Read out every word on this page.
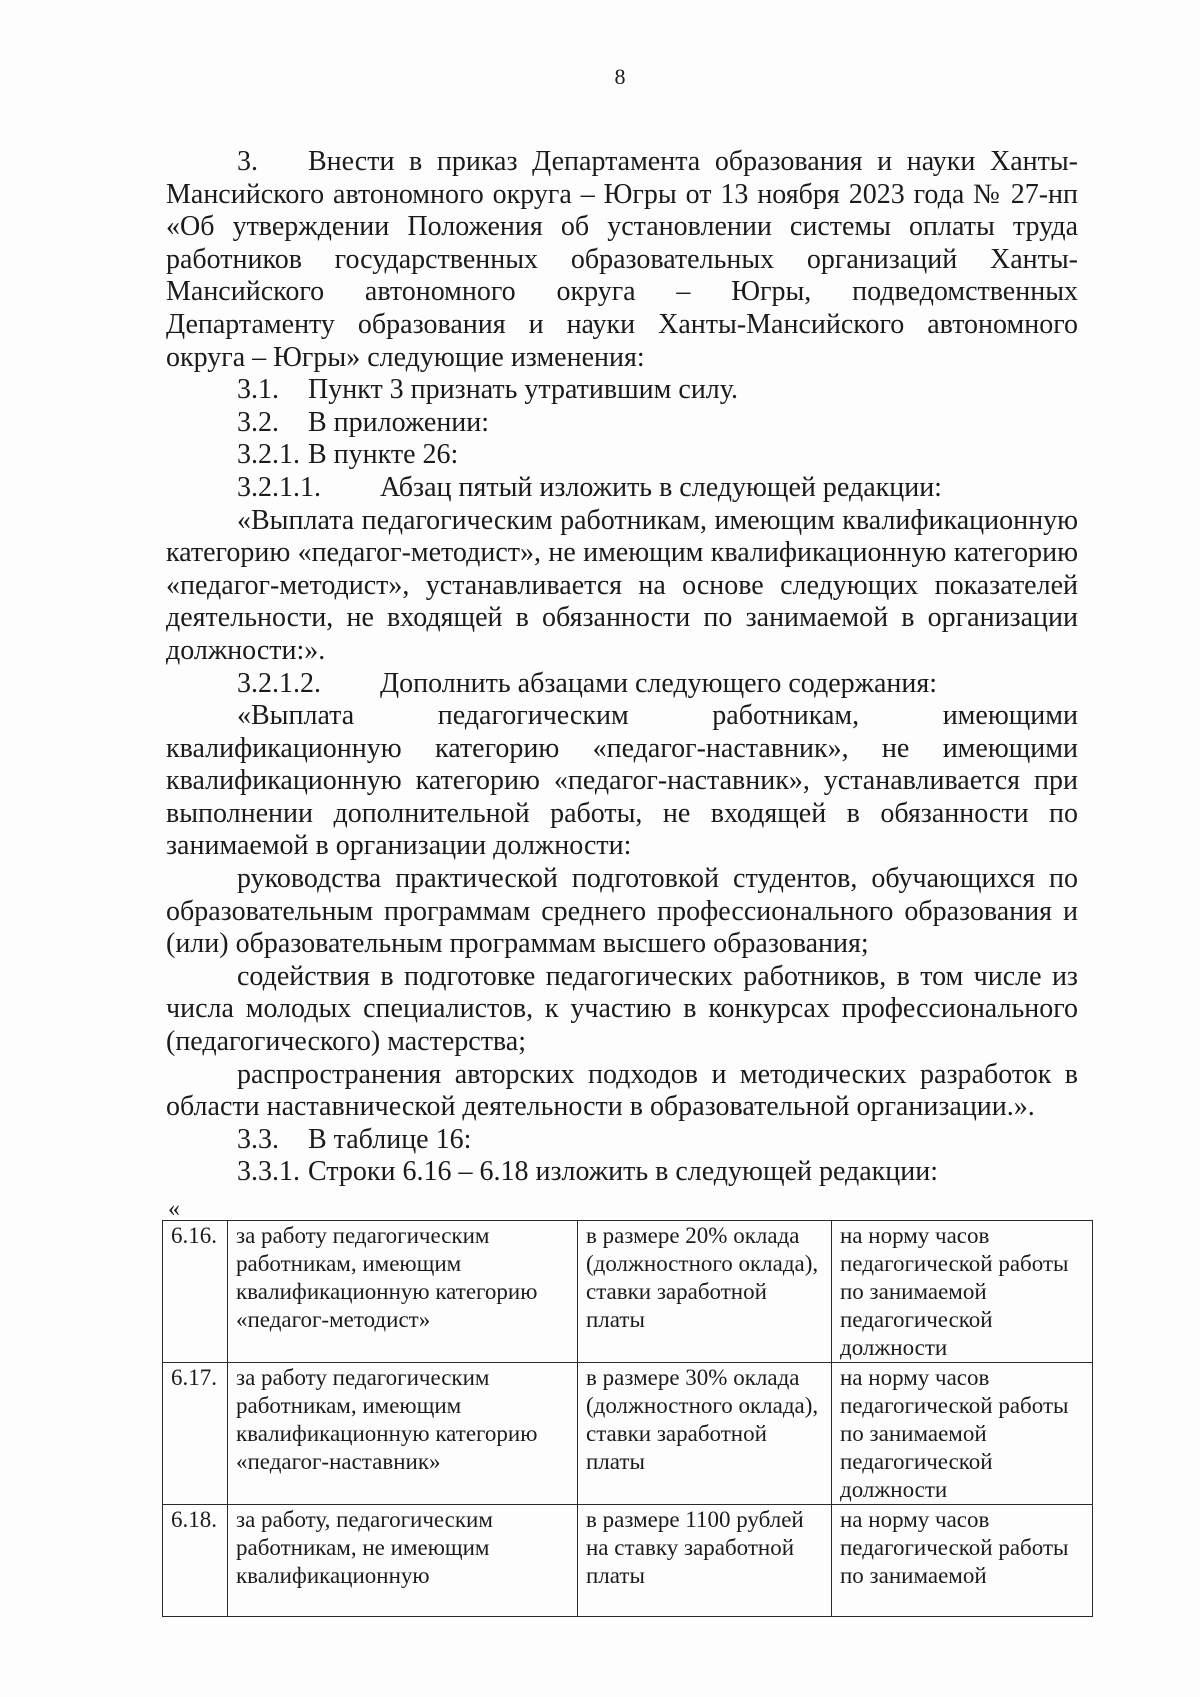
8

3. Внести в приказ Департамента образования и науки Ханты-Мансийского автономного округа – Югры от 13 ноября 2023 года № 27-нп «Об утверждении Положения об установлении системы оплаты труда работников государственных образовательных организаций Ханты-Мансийского автономного округа – Югры, подведомственных Департаменту образования и науки Ханты-Мансийского автономного округа – Югры» следующие изменения:

3.1. Пункт 3 признать утратившим силу.

3.2. В приложении:

3.2.1. В пункте 26:

3.2.1.1. Абзац пятый изложить в следующей редакции:

«Выплата педагогическим работникам, имеющим квалификационную категорию «педагог-методист», не имеющим квалификационную категорию «педагог-методист», устанавливается на основе следующих показателей деятельности, не входящей в обязанности по занимаемой в организации должности:».

3.2.1.2. Дополнить абзацами следующего содержания:

«Выплата педагогическим работникам, имеющими квалификационную категорию «педагог-наставник», не имеющими квалификационную категорию «педагог-наставник», устанавливается при выполнении дополнительной работы, не входящей в обязанности по занимаемой в организации должности:

руководства практической подготовкой студентов, обучающихся по образовательным программам среднего профессионального образования и (или) образовательным программам высшего образования;

содействия в подготовке педагогических работников, в том числе из числа молодых специалистов, к участию в конкурсах профессионального (педагогического) мастерства;

распространения авторских подходов и методических разработок в области наставнической деятельности в образовательной организации.».

3.3. В таблице 16:

3.3.1. Строки 6.16 – 6.18 изложить в следующей редакции:

«
6.16.	за работу педагогическим работникам, имеющим квалификационную категорию «педагог-методист»	в размере 20% оклада (должностного оклада), ставки заработной платы	на норму часов педагогической работы по занимаемой педагогической должности
6.17.	за работу педагогическим работникам, имеющим квалификационную категорию «педагог-наставник»	в размере 30% оклада (должностного оклада), ставки заработной платы	на норму часов педагогической работы по занимаемой педагогической должности
6.18.	за работу, педагогическим работникам, не имеющим квалификационную	в размере 1100 рублей на ставку заработной платы	на норму часов педагогической работы по занимаемой
